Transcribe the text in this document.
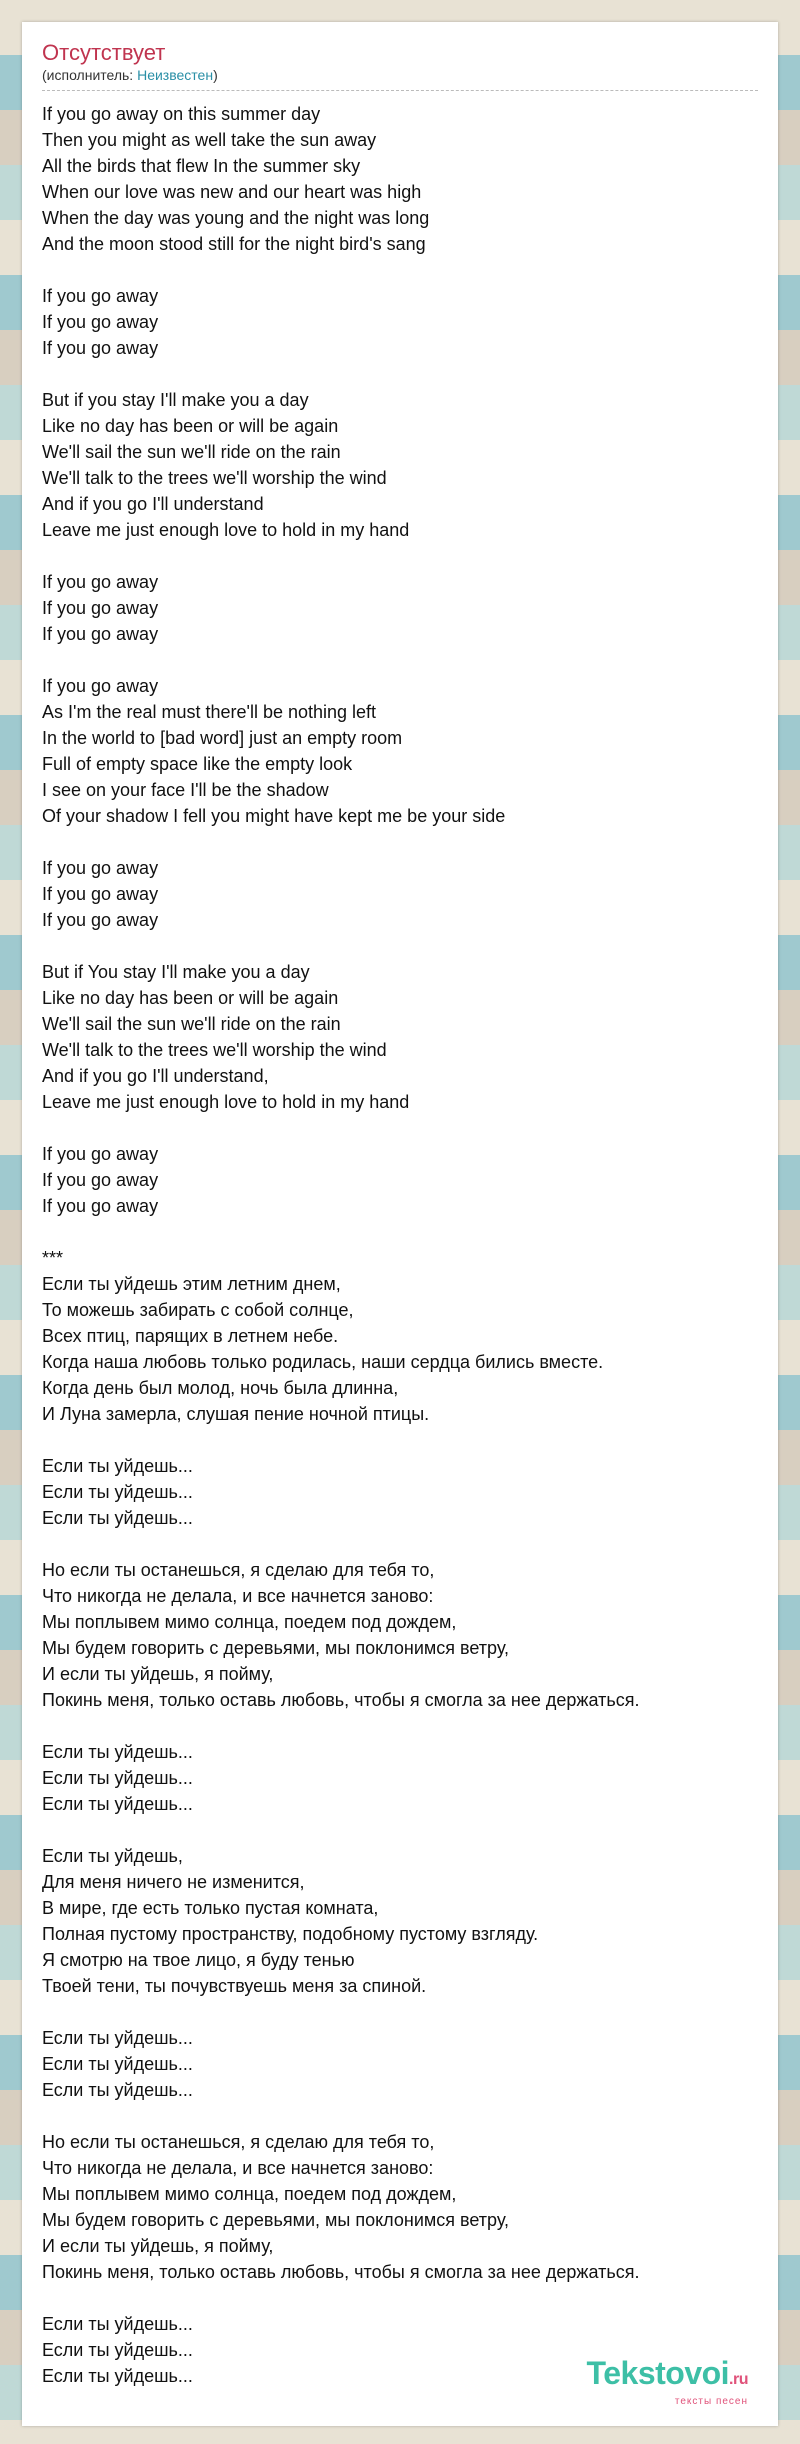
Отсутствует
(исполнитель: Неизвестен)
If you go away on this summer day
Then you might as well take the sun away
All the birds that flew In the summer sky
When our love was new and our heart was high
When the day was young and the night was long
And the moon stood still for the night bird's sang

If you go away
If you go away
If you go away

But if you stay I'll make you a day
Like no day has been or will be again
We'll sail the sun we'll ride on the rain
We'll talk to the trees we'll worship the wind
And if you go I'll understand
Leave me just enough love to hold in my hand

If you go away
If you go away
If you go away

If you go away
As I'm the real must there'll be nothing left
In the world to [bad word] just an empty room
Full of empty space like the empty look
I see on your face I'll be the shadow
Of your shadow I fell you might have kept me be your side

If you go away
If you go away
If you go away

But if You stay I'll make you a day
Like no day has been or will be again
We'll sail the sun we'll ride on the rain
We'll talk to the trees we'll worship the wind
And if you go I'll understand,
Leave me just enough love to hold in my hand

If you go away
If you go away
If you go away

***
Если ты уйдешь этим летним днем,
То можешь забирать с собой солнце,
Всех птиц, парящих в летнем небе.
Когда наша любовь только родилась, наши сердца бились вместе.
Когда день был молод, ночь была длинна,
И Луна замерла, слушая пение ночной птицы.

Если ты уйдешь...
Если ты уйдешь...
Если ты уйдешь...

Но если ты останешься, я сделаю для тебя то,
Что никогда не делала, и все начнется заново:
Мы поплывем мимо солнца, поедем под дождем,
Мы будем говорить с деревьями, мы поклонимся ветру,
И если ты уйдешь, я пойму,
Покинь меня, только оставь любовь, чтобы я смогла за нее держаться.

Если ты уйдешь...
Если ты уйдешь...
Если ты уйдешь...

Если ты уйдешь,
Для меня ничего не изменится,
В мире, где есть только пустая комната,
Полная пустому пространству, подобному пустому взгляду.
Я смотрю на твое лицо, я буду тенью
Твоей тени, ты почувствуешь меня за спиной.

Если ты уйдешь...
Если ты уйдешь...
Если ты уйдешь...

Но если ты останешься, я сделаю для тебя то,
Что никогда не делала, и все начнется заново:
Мы поплывем мимо солнца, поедем под дождем,
Мы будем говорить с деревьями, мы поклонимся ветру,
И если ты уйдешь, я пойму,
Покинь меня, только оставь любовь, чтобы я смогла за нее держаться.

Если ты уйдешь...
Если ты уйдешь...
Если ты уйдешь...	Tekstovoi.ru
тексты песен
